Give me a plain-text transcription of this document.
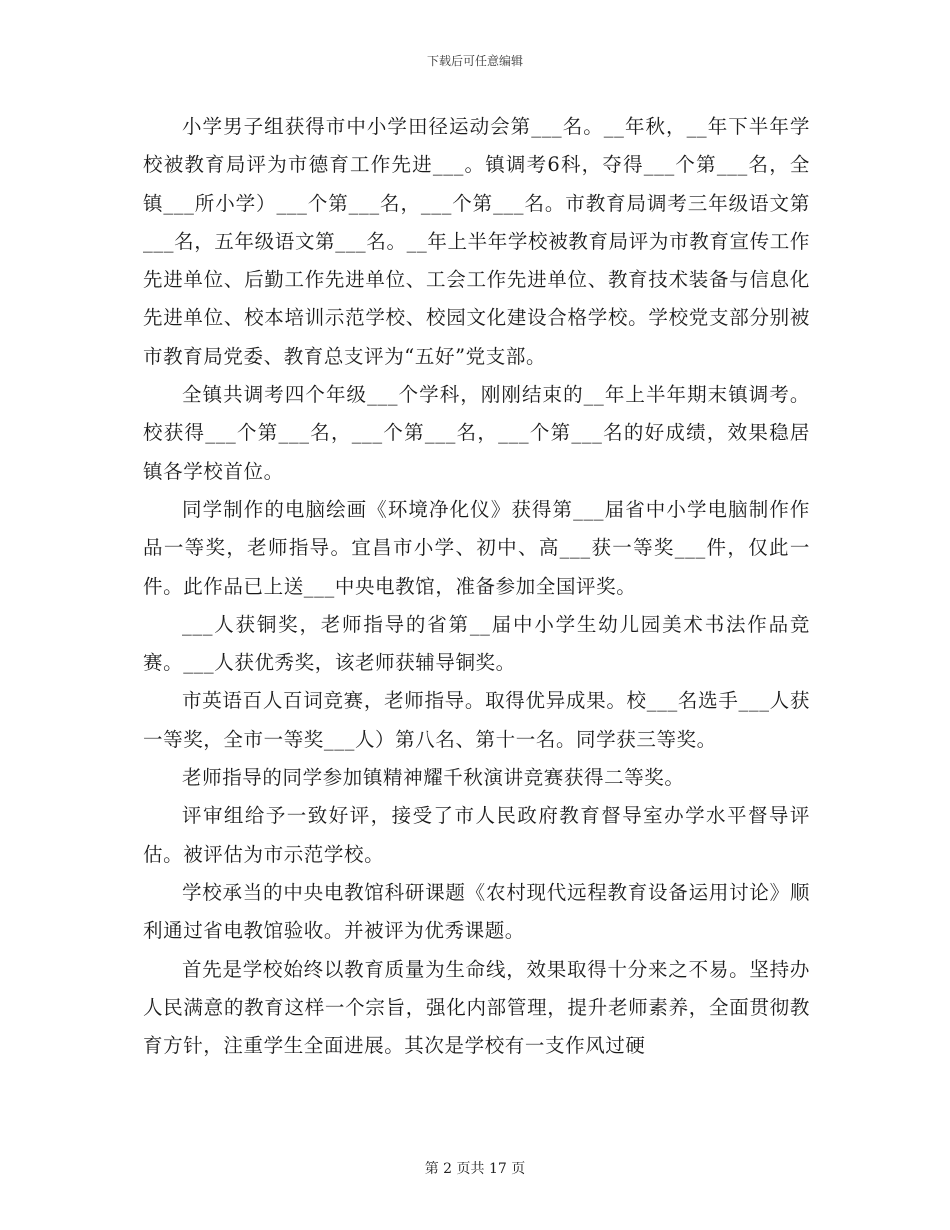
下载后可任意编辑

小学男子组获得市中小学田径运动会第___名。__年秋，__年下半年学校被教育局评为市德育工作先进___。镇调考6科，夺得___个第___名，全镇___所小学）___个第___名，___个第___名。市教育局调考三年级语文第___名，五年级语文第___名。__年上半年学校被教育局评为市教育宣传工作先进单位、后勤工作先进单位、工会工作先进单位、教育技术装备与信息化先进单位、校本培训示范学校、校园文化建设合格学校。学校党支部分别被市教育局党委、教育总支评为“五好”党支部。

全镇共调考四个年级___个学科，刚刚结束的__年上半年期末镇调考。校获得___个第___名，___个第___名，___个第___名的好成绩，效果稳居镇各学校首位。

同学制作的电脑绘画《环境净化仪》获得第___届省中小学电脑制作作品一等奖，老师指导。宜昌市小学、初中、高___获一等奖___件，仅此一件。此作品已上送___中央电教馆，准备参加全国评奖。

___人获铜奖，老师指导的省第__届中小学生幼儿园美术书法作品竞赛。___人获优秀奖，该老师获辅导铜奖。

市英语百人百词竞赛，老师指导。取得优异成果。校___名选手___人获一等奖，全市一等奖___人）第八名、第十一名。同学获三等奖。

老师指导的同学参加镇精神耀千秋演讲竞赛获得二等奖。

评审组给予一致好评，接受了市人民政府教育督导室办学水平督导评估。被评估为市示范学校。

学校承当的中央电教馆科研课题《农村现代远程教育设备运用讨论》顺利通过省电教馆验收。并被评为优秀课题。

首先是学校始终以教育质量为生命线，效果取得十分来之不易。坚持办人民满意的教育这样一个宗旨，强化内部管理，提升老师素养，全面贯彻教育方针，注重学生全面进展。其次是学校有一支作风过硬

第 2 页共 17 页
